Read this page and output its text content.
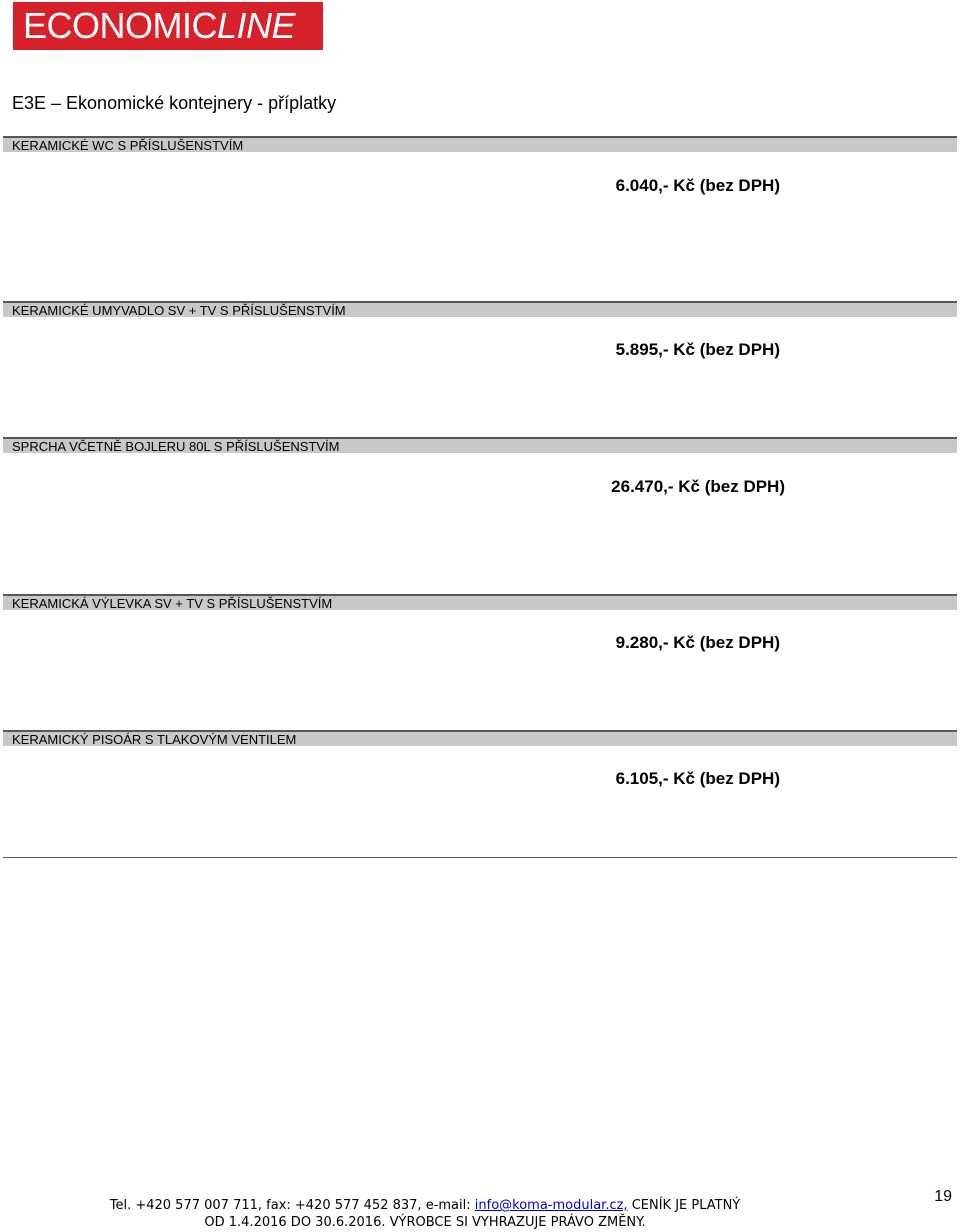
ECONOMICLINE
E3E – Ekonomické kontejnery - příplatky
KERAMICKÉ WC S PŘÍSLUŠENSTVÍM
6.040,- Kč (bez DPH)
KERAMICKÉ UMYVADLO SV + TV S PŘÍSLUŠENSTVÍM
5.895,- Kč (bez DPH)
SPRCHA VČETNĚ BOJLERU 80L S PŘÍSLUŠENSTVÍM
26.470,- Kč (bez DPH)
KERAMICKÁ VÝLEVKA SV + TV S PŘÍSLUŠENSTVÍM
9.280,- Kč (bez DPH)
KERAMICKÝ PISOÁR S TLAKOVÝM VENTILEM
6.105,- Kč (bez DPH)
Tel. +420 577 007 711, fax: +420 577 452 837, e-mail: info@koma-modular.cz, CENÍK JE PLATNÝ
OD 1.4.2016 DO 30.6.2016. VÝROBCE SI VYHRAZUJE PRÁVO ZMĚNY.
19
